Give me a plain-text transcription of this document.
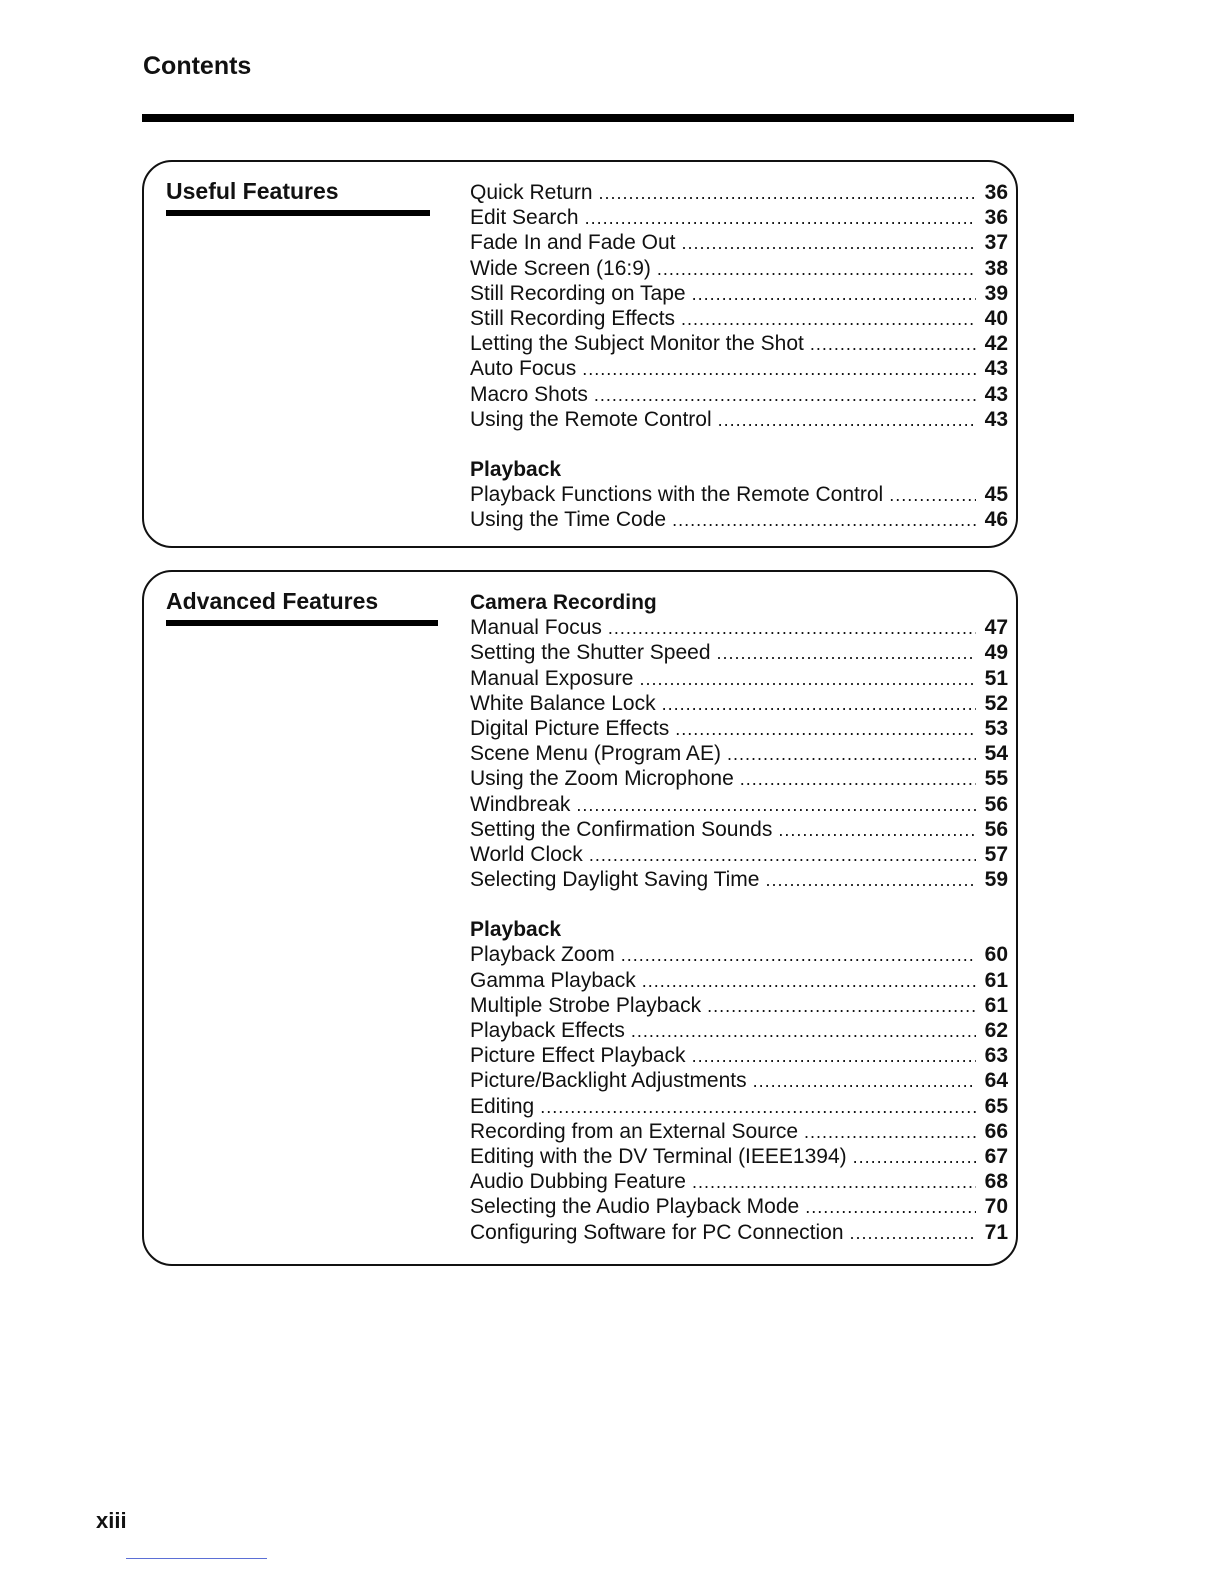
Contents
Useful Features	Quick Return .....	36
Edit Search .....	36
Fade In and Fade Out .....	37
Wide Screen (16:9) .....	38
Still Recording on Tape .....	39
Still Recording Effects .....	40
Letting the Subject Monitor the Shot .....	42
Auto Focus .....	43
Macro Shots .....	43
Using the Remote Control .....	43
Playback
Playback Functions with the Remote Control .....	45
Using the Time Code .....	46
Advanced Features	Camera Recording
Manual Focus .....	47
Setting the Shutter Speed .....	49
Manual Exposure .....	51
White Balance Lock .....	52
Digital Picture Effects .....	53
Scene Menu (Program AE) .....	54
Using the Zoom Microphone .....	55
Windbreak .....	56
Setting the Confirmation Sounds .....	56
World Clock .....	57
Selecting Daylight Saving Time .....	59
Playback
Playback Zoom .....	60
Gamma Playback .....	61
Multiple Strobe Playback .....	61
Playback Effects .....	62
Picture Effect Playback .....	63
Picture/Backlight Adjustments .....	64
Editing .....	65
Recording from an External Source .....	66
Editing with the DV Terminal (IEEE1394) .....	67
Audio Dubbing Feature .....	68
Selecting the Audio Playback Mode .....	70
Configuring Software for PC Connection .....	71
xiii
